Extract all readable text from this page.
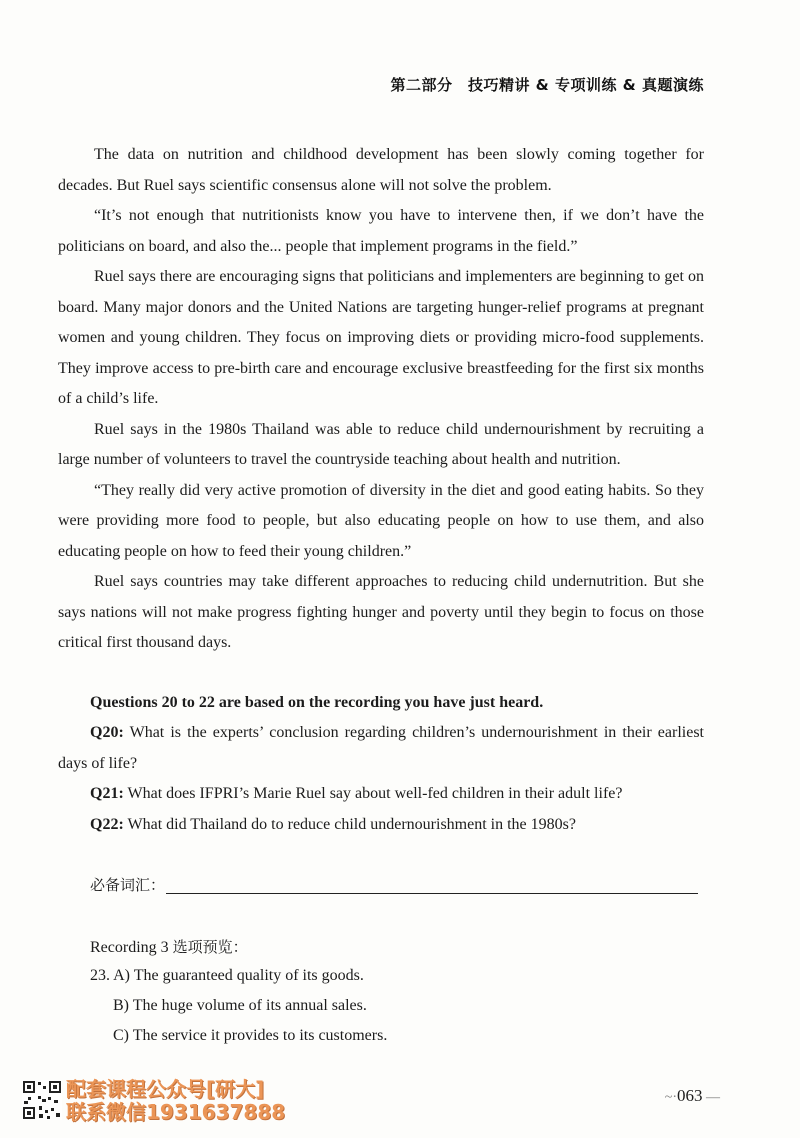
第二部分　技巧精讲 & 专项训练 & 真题演练

The data on nutrition and childhood development has been slowly coming together for decades. But Ruel says scientific consensus alone will not solve the problem.

“It’s not enough that nutritionists know you have to intervene then, if we don’t have the politicians on board, and also the... people that implement programs in the field.”

Ruel says there are encouraging signs that politicians and implementers are beginning to get on board. Many major donors and the United Nations are targeting hunger-relief programs at pregnant women and young children. They focus on improving diets or providing micro-food supplements. They improve access to pre-birth care and encourage exclusive breastfeeding for the first six months of a child’s life.

Ruel says in the 1980s Thailand was able to reduce child undernourishment by recruiting a large number of volunteers to travel the countryside teaching about health and nutrition.

“They really did very active promotion of diversity in the diet and good eating habits. So they were providing more food to people, but also educating people on how to use them, and also educating people on how to feed their young children.”

Ruel says countries may take different approaches to reducing child undernutrition. But she says nations will not make progress fighting hunger and poverty until they begin to focus on those critical first thousand days.

Questions 20 to 22 are based on the recording you have just heard.

Q20: What is the experts’ conclusion regarding children’s undernourishment in their earliest days of life?

Q21: What does IFPRI’s Marie Ruel say about well-fed children in their adult life?

Q22: What did Thailand do to reduce child undernourishment in the 1980s?

必备词汇：
Recording 3 选项预览：
23. A) The guaranteed quality of its goods.
B) The huge volume of its annual sales.
C) The service it provides to its customers.
~·063 —
配套课程公众号[研大]
联系微信1931637888
